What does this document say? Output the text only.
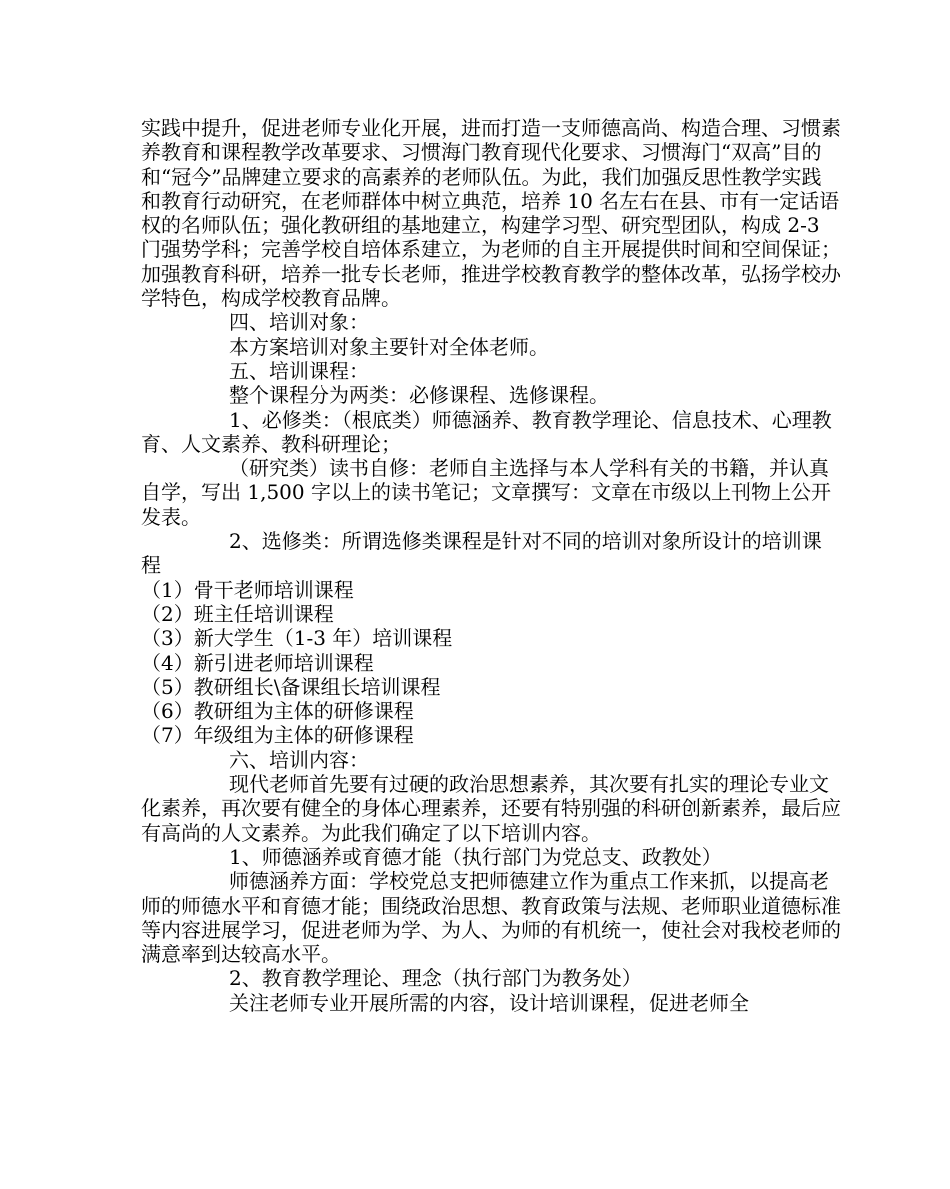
实践中提升，促进老师专业化开展，进而打造一支师德高尚、构造合理、习惯素养教育和课程教学改革要求、习惯海门教育现代化要求、习惯海门“双高”目的和“冠今”品牌建立要求的高素养的老师队伍。为此，我们加强反思性教学实践和教育行动研究，在老师群体中树立典范，培养 10 名左右在县、市有一定话语权的名师队伍；强化教研组的基地建立，构建学习型、研究型团队，构成 2-3 门强势学科；完善学校自培体系建立，为老师的自主开展提供时间和空间保证；加强教育科研，培养一批专长老师，推进学校教育教学的整体改革，弘扬学校办学特色，构成学校教育品牌。

四、培训对象：

本方案培训对象主要针对全体老师。

五、培训课程：

整个课程分为两类：必修课程、选修课程。

1、必修类：（根底类）师德涵养、教育教学理论、信息技术、心理教育、人文素养、教科研理论；

（研究类）读书自修：老师自主选择与本人学科有关的书籍，并认真自学，写出 1,500 字以上的读书笔记；文章撰写：文章在市级以上刊物上公开发表。

2、选修类：所谓选修类课程是针对不同的培训对象所设计的培训课程

（1）骨干老师培训课程

（2）班主任培训课程

（3）新大学生（1-3 年）培训课程

（4）新引进老师培训课程

（5）教研组长\备课组长培训课程

（6）教研组为主体的研修课程

（7）年级组为主体的研修课程

六、培训内容：

现代老师首先要有过硬的政治思想素养，其次要有扎实的理论专业文化素养，再次要有健全的身体心理素养，还要有特别强的科研创新素养，最后应有高尚的人文素养。为此我们确定了以下培训内容。

1、师德涵养或育德才能（执行部门为党总支、政教处）

师德涵养方面：学校党总支把师德建立作为重点工作来抓，以提高老师的师德水平和育德才能；围绕政治思想、教育政策与法规、老师职业道德标准等内容进展学习，促进老师为学、为人、为师的有机统一，使社会对我校老师的满意率到达较高水平。

2、教育教学理论、理念（执行部门为教务处）

关注老师专业开展所需的内容，设计培训课程，促进老师全
